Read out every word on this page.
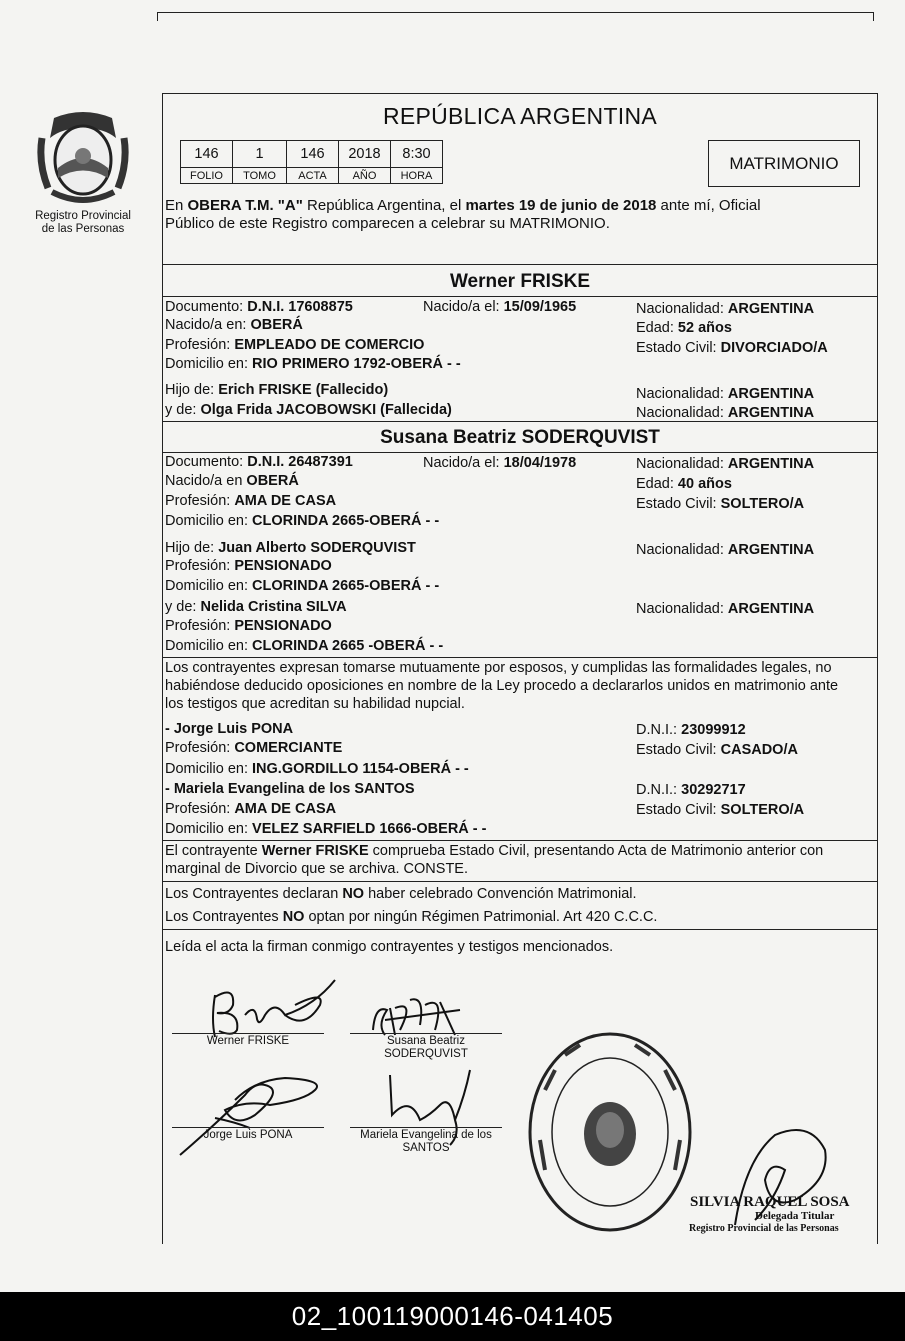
Registro Provincial
de las Personas
REPÚBLICA ARGENTINA
146	1	146	2018	8:30
FOLIO	TOMO	ACTA	AÑO	HORA
MATRIMONIO
En OBERA T.M. "A" República Argentina, el martes 19 de junio de 2018 ante mí, Oficial
Público de este Registro comparecen a celebrar su MATRIMONIO.
Werner FRISKE
Documento: D.N.I. 17608875	Nacido/a el: 15/09/1965	Nacionalidad: ARGENTINA
Nacido/a en: OBERÁ	Edad: 52 años
Profesión: EMPLEADO DE COMERCIO	Estado Civil: DIVORCIADO/A
Domicilio en: RIO PRIMERO 1792-OBERÁ - -
Hijo de: Erich FRISKE (Fallecido)	Nacionalidad: ARGENTINA
y de: Olga Frida JACOBOWSKI (Fallecida)	Nacionalidad: ARGENTINA
Susana Beatriz SODERQUVIST
Documento: D.N.I. 26487391	Nacido/a el: 18/04/1978	Nacionalidad: ARGENTINA
Nacido/a en OBERÁ	Edad: 40 años
Profesión: AMA DE CASA	Estado Civil: SOLTERO/A
Domicilio en: CLORINDA 2665-OBERÁ - -
Hijo de: Juan Alberto SODERQUVIST	Nacionalidad: ARGENTINA
Profesión: PENSIONADO
Domicilio en: CLORINDA 2665-OBERÁ - -
y de: Nelida Cristina SILVA	Nacionalidad: ARGENTINA
Profesión: PENSIONADO
Domicilio en: CLORINDA 2665 -OBERÁ - -
Los contrayentes expresan tomarse mutuamente por esposos, y cumplidas las formalidades legales, no
habiéndose deducido oposiciones en nombre de la Ley procedo a declararlos unidos en matrimonio ante
los testigos que acreditan su habilidad nupcial.
- Jorge Luis PONA	D.N.I.: 23099912
Profesión: COMERCIANTE	Estado Civil: CASADO/A
Domicilio en: ING.GORDILLO 1154-OBERÁ - -
- Mariela Evangelina de los SANTOS	D.N.I.: 30292717
Profesión: AMA DE CASA	Estado Civil: SOLTERO/A
Domicilio en: VELEZ SARFIELD 1666-OBERÁ - -
El contrayente Werner FRISKE comprueba Estado Civil, presentando Acta de Matrimonio anterior con
marginal de Divorcio que se archiva. CONSTE.
Los Contrayentes declaran NO haber celebrado Convención Matrimonial.
Los Contrayentes NO optan por ningún Régimen Patrimonial. Art 420 C.C.C.
Leída el acta la firman conmigo contrayentes y testigos mencionados.
Werner FRISKE	Susana Beatriz
SODERQUVIST
Jorge Luis PONA	Mariela Evangelina de los
SANTOS
SILVIA RAQUEL SOSA
Delegada Titular
Registro Provincial de las Personas
02_100119000146-041405
